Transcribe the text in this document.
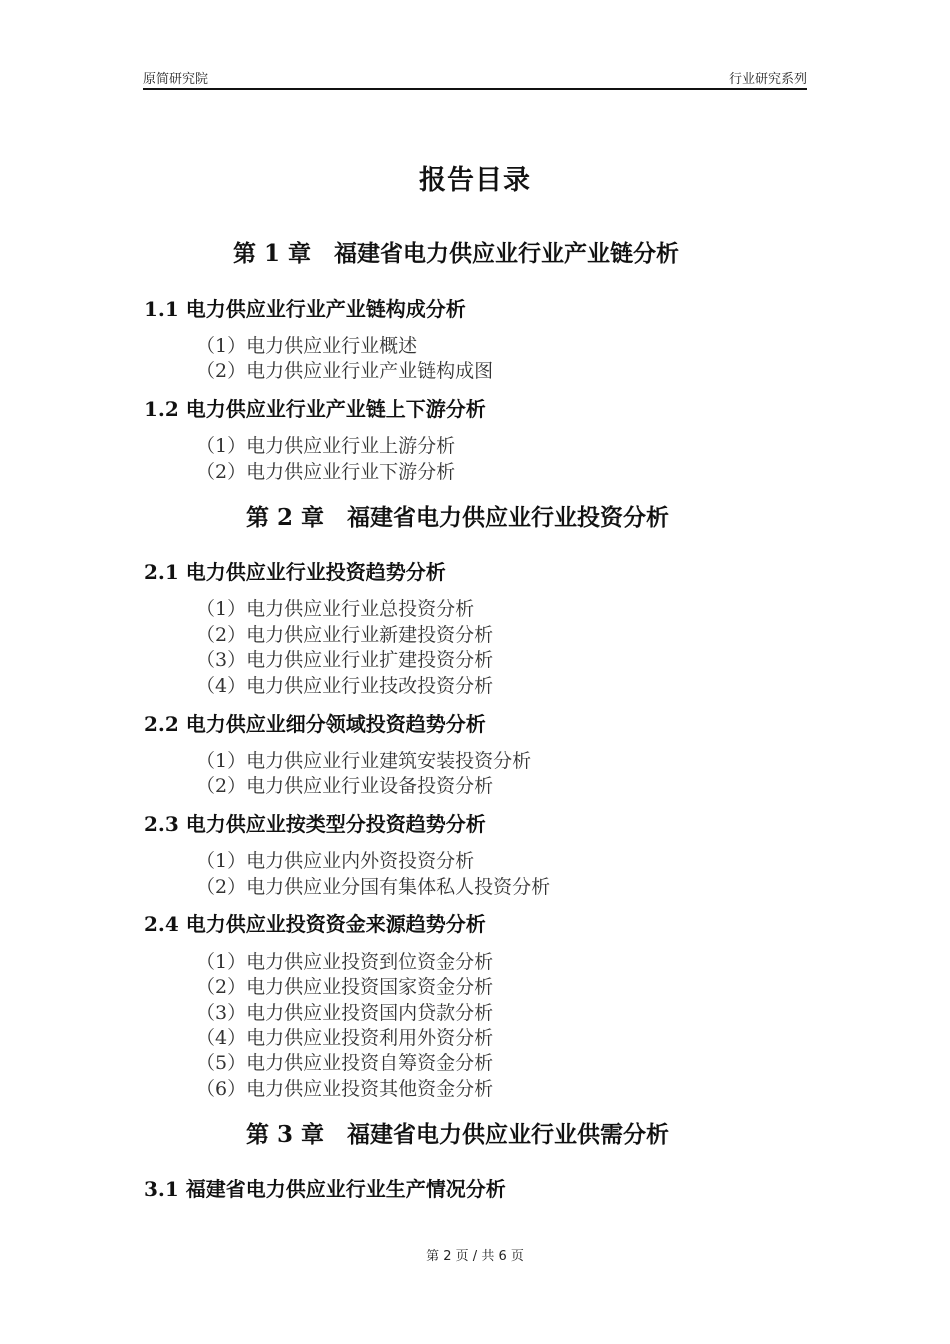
原简研究院	行业研究系列
报告目录
第 1 章　福建省电力供应业行业产业链分析
1.1 电力供应业行业产业链构成分析
（1）电力供应业行业概述
（2）电力供应业行业产业链构成图
1.2 电力供应业行业产业链上下游分析
（1）电力供应业行业上游分析
（2）电力供应业行业下游分析
第 2 章　福建省电力供应业行业投资分析
2.1 电力供应业行业投资趋势分析
（1）电力供应业行业总投资分析
（2）电力供应业行业新建投资分析
（3）电力供应业行业扩建投资分析
（4）电力供应业行业技改投资分析
2.2 电力供应业细分领域投资趋势分析
（1）电力供应业行业建筑安装投资分析
（2）电力供应业行业设备投资分析
2.3 电力供应业按类型分投资趋势分析
（1）电力供应业内外资投资分析
（2）电力供应业分国有集体私人投资分析
2.4 电力供应业投资资金来源趋势分析
（1）电力供应业投资到位资金分析
（2）电力供应业投资国家资金分析
（3）电力供应业投资国内贷款分析
（4）电力供应业投资利用外资分析
（5）电力供应业投资自筹资金分析
（6）电力供应业投资其他资金分析
第 3 章　福建省电力供应业行业供需分析
3.1 福建省电力供应业行业生产情况分析
第 2 页 / 共 6 页
